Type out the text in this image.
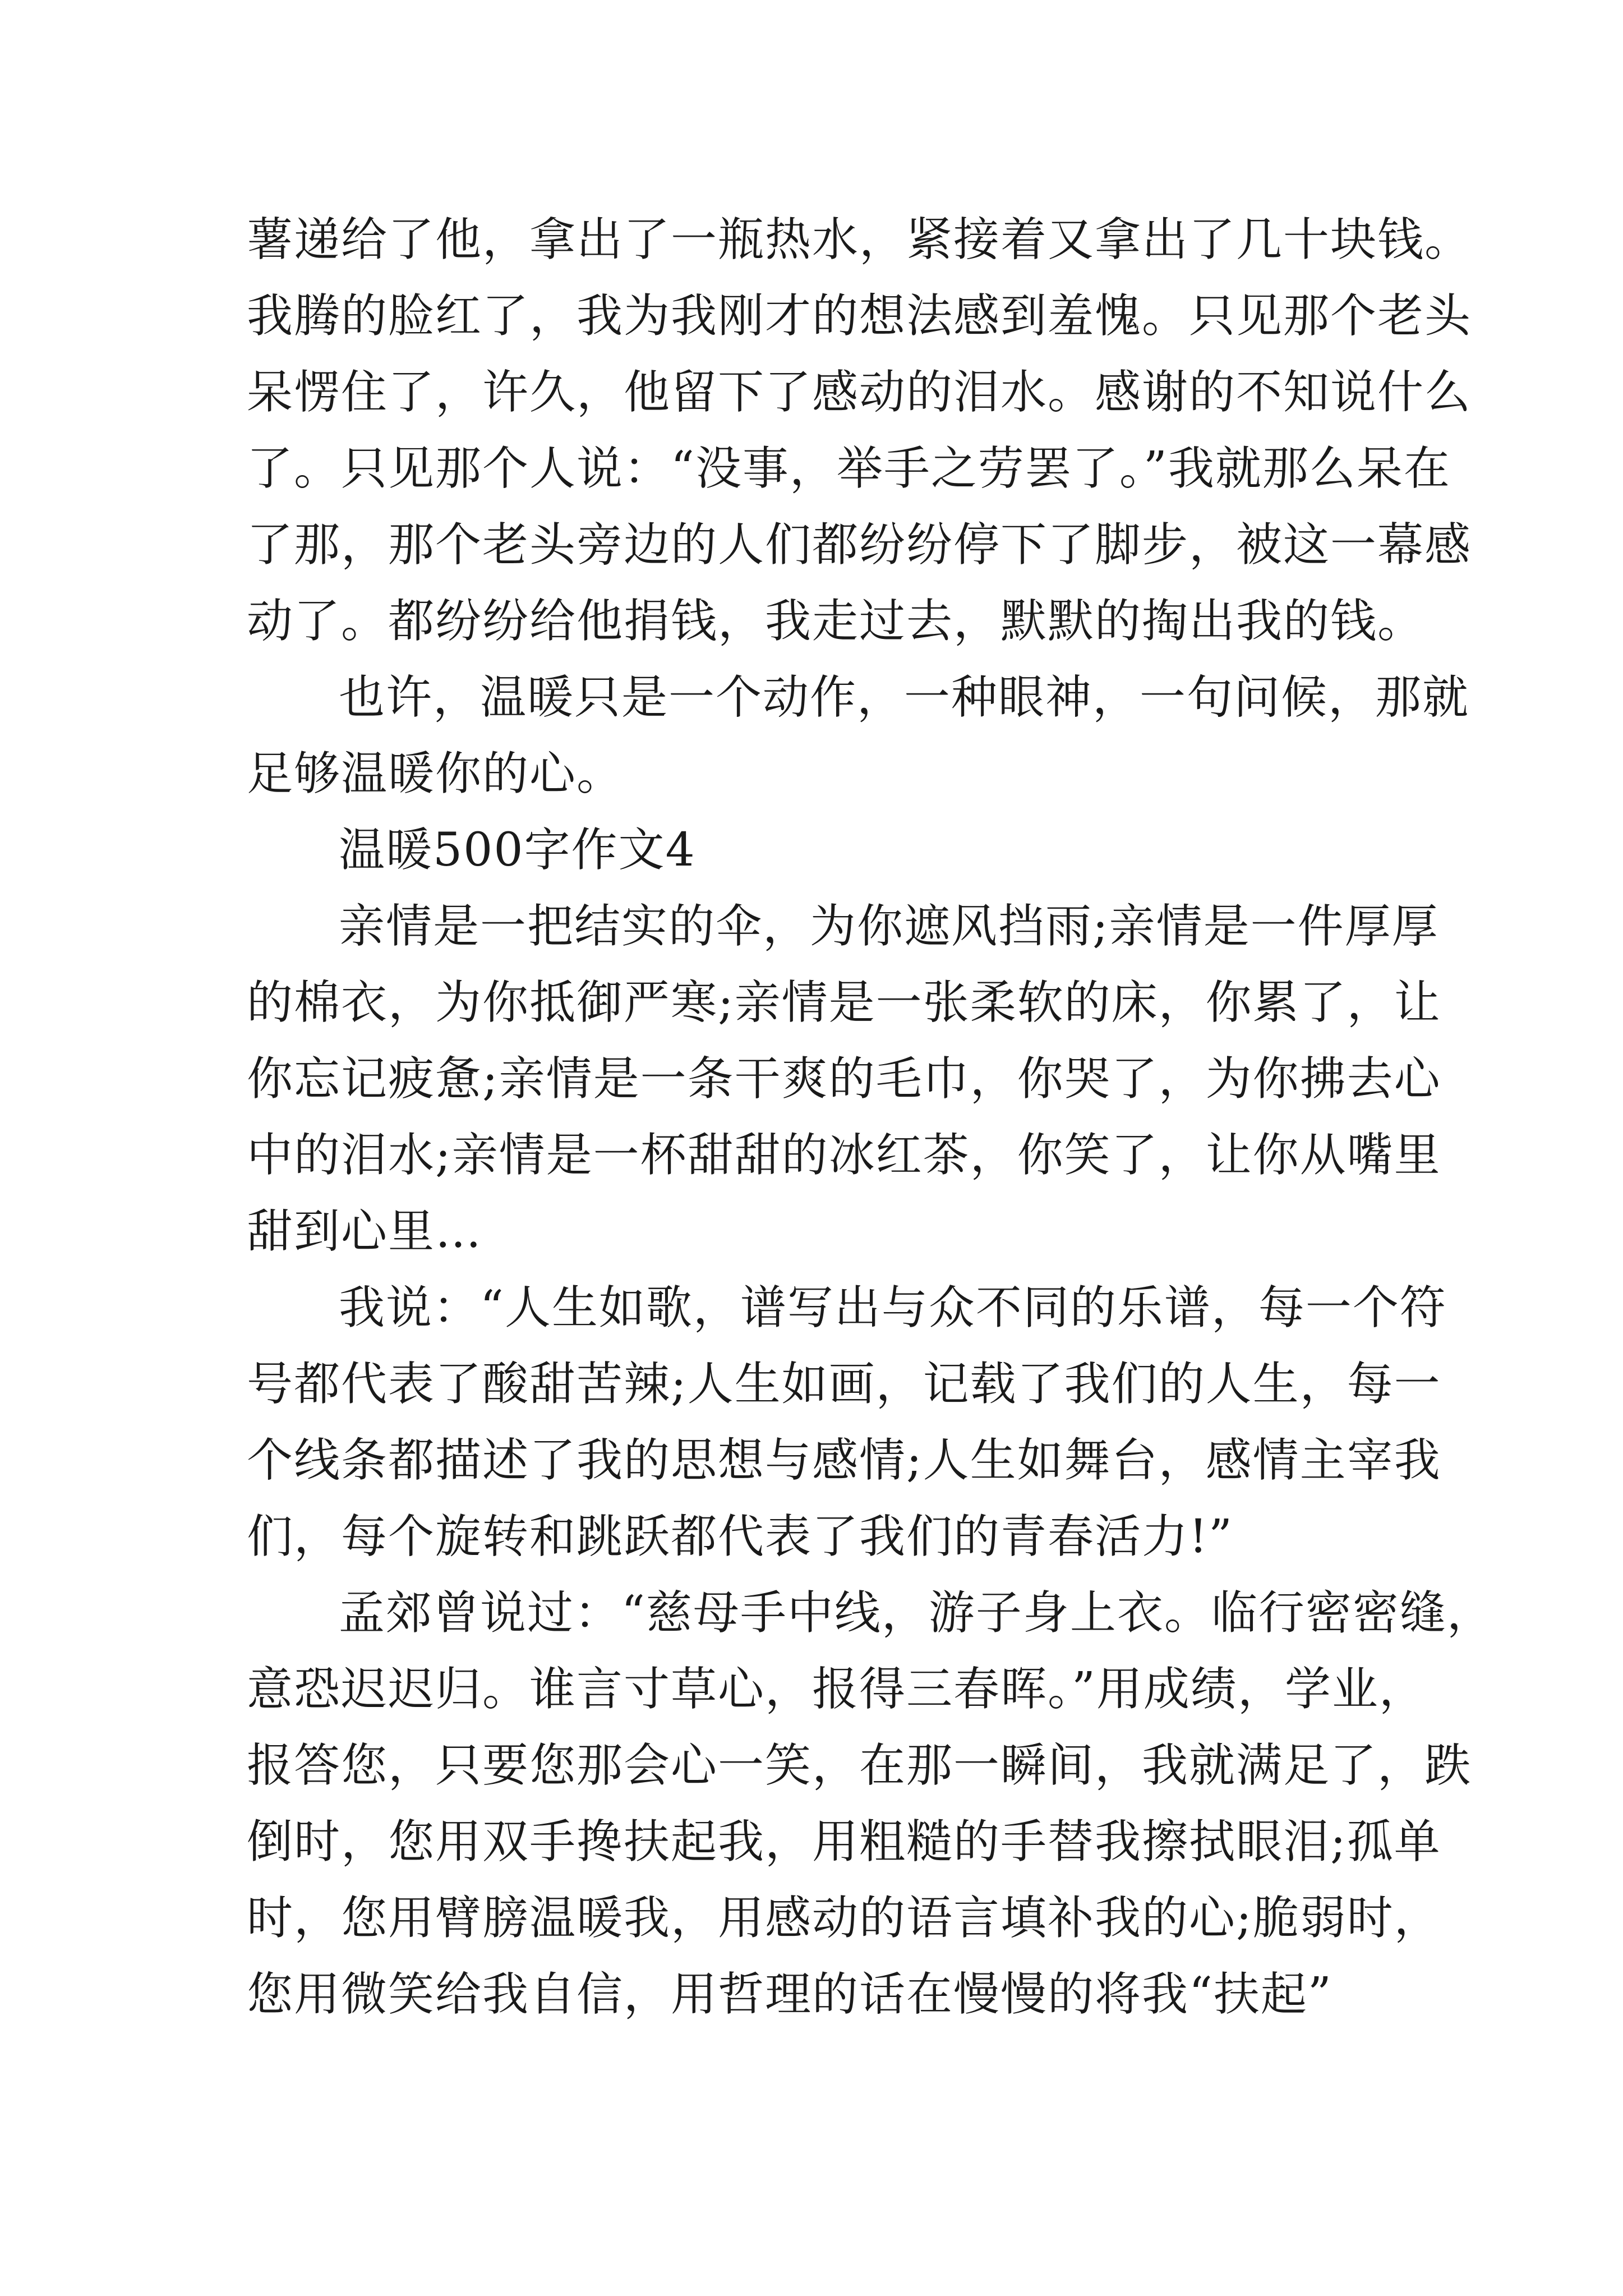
薯递给了他，拿出了一瓶热水，紧接着又拿出了几十块钱。
我腾的脸红了，我为我刚才的想法感到羞愧。只见那个老头
呆愣住了，许久，他留下了感动的泪水。感谢的不知说什么
了。只见那个人说：“没事，举手之劳罢了。”我就那么呆在
了那，那个老头旁边的人们都纷纷停下了脚步，被这一幕感
动了。都纷纷给他捐钱，我走过去，默默的掏出我的钱。
也许，温暖只是一个动作，一种眼神，一句问候，那就
足够温暖你的心。
温暖500字作文4
亲情是一把结实的伞，为你遮风挡雨;亲情是一件厚厚
的棉衣，为你抵御严寒;亲情是一张柔软的床，你累了，让
你忘记疲惫;亲情是一条干爽的毛巾，你哭了，为你拂去心
中的泪水;亲情是一杯甜甜的冰红茶，你笑了，让你从嘴里
甜到心里…
我说：“人生如歌，谱写出与众不同的乐谱，每一个符
号都代表了酸甜苦辣;人生如画，记载了我们的人生，每一
个线条都描述了我的思想与感情;人生如舞台，感情主宰我
们，每个旋转和跳跃都代表了我们的青春活力!”
孟郊曾说过：“慈母手中线，游子身上衣。临行密密缝，
意恐迟迟归。谁言寸草心，报得三春晖。”用成绩，学业，
报答您，只要您那会心一笑，在那一瞬间，我就满足了，跌
倒时，您用双手搀扶起我，用粗糙的手替我擦拭眼泪;孤单
时，您用臂膀温暖我，用感动的语言填补我的心;脆弱时，
您用微笑给我自信，用哲理的话在慢慢的将我“扶起”
